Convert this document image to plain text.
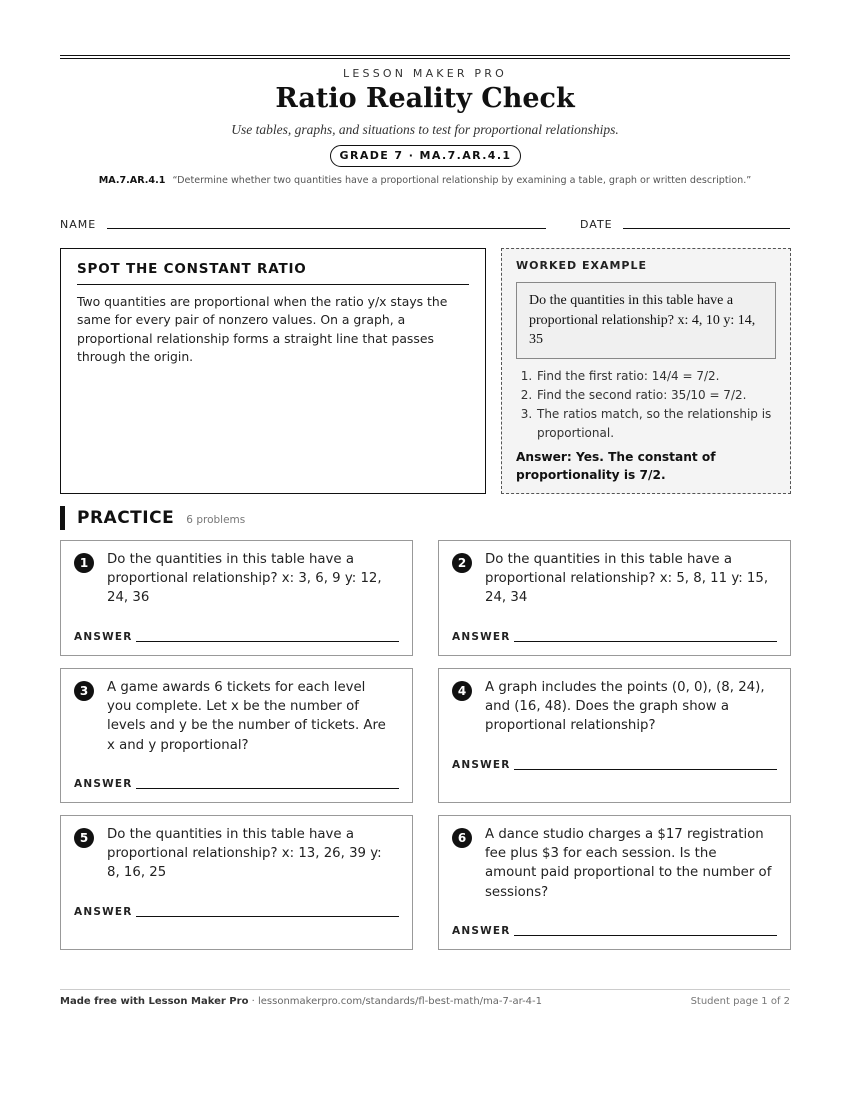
LESSON MAKER PRO
Ratio Reality Check
Use tables, graphs, and situations to test for proportional relationships.
GRADE 7 · MA.7.AR.4.1
MA.7.AR.4.1 “Determine whether two quantities have a proportional relationship by examining a table, graph or written description.”
NAME	DATE
SPOT THE CONSTANT RATIO

Two quantities are proportional when the ratio y/x stays the same for every pair of nonzero values. On a graph, a proportional relationship forms a straight line that passes through the origin.

WORKED EXAMPLE
Do the quantities in this table have a proportional relationship? x: 4, 10 y: 14, 35
1. Find the first ratio: 14/4 = 7/2.
2. Find the second ratio: 35/10 = 7/2.
3. The ratios match, so the relationship is proportional.
Answer: Yes. The constant of proportionality is 7/2.
PRACTICE 6 problems
1	Do the quantities in this table have a proportional relationship? x: 3, 6, 9 y: 12, 24, 36
ANSWER
2	Do the quantities in this table have a proportional relationship? x: 5, 8, 11 y: 15, 24, 34
ANSWER
3	A game awards 6 tickets for each level you complete. Let x be the number of levels and y be the number of tickets. Are x and y proportional?
ANSWER
4	A graph includes the points (0, 0), (8, 24), and (16, 48). Does the graph show a proportional relationship?
ANSWER
5	Do the quantities in this table have a proportional relationship? x: 13, 26, 39 y: 8, 16, 25
ANSWER
6	A dance studio charges a $17 registration fee plus $3 for each session. Is the amount paid proportional to the number of sessions?
ANSWER
Made free with Lesson Maker Pro · lessonmakerpro.com/standards/fl-best-math/ma-7-ar-4-1	Student page 1 of 2
